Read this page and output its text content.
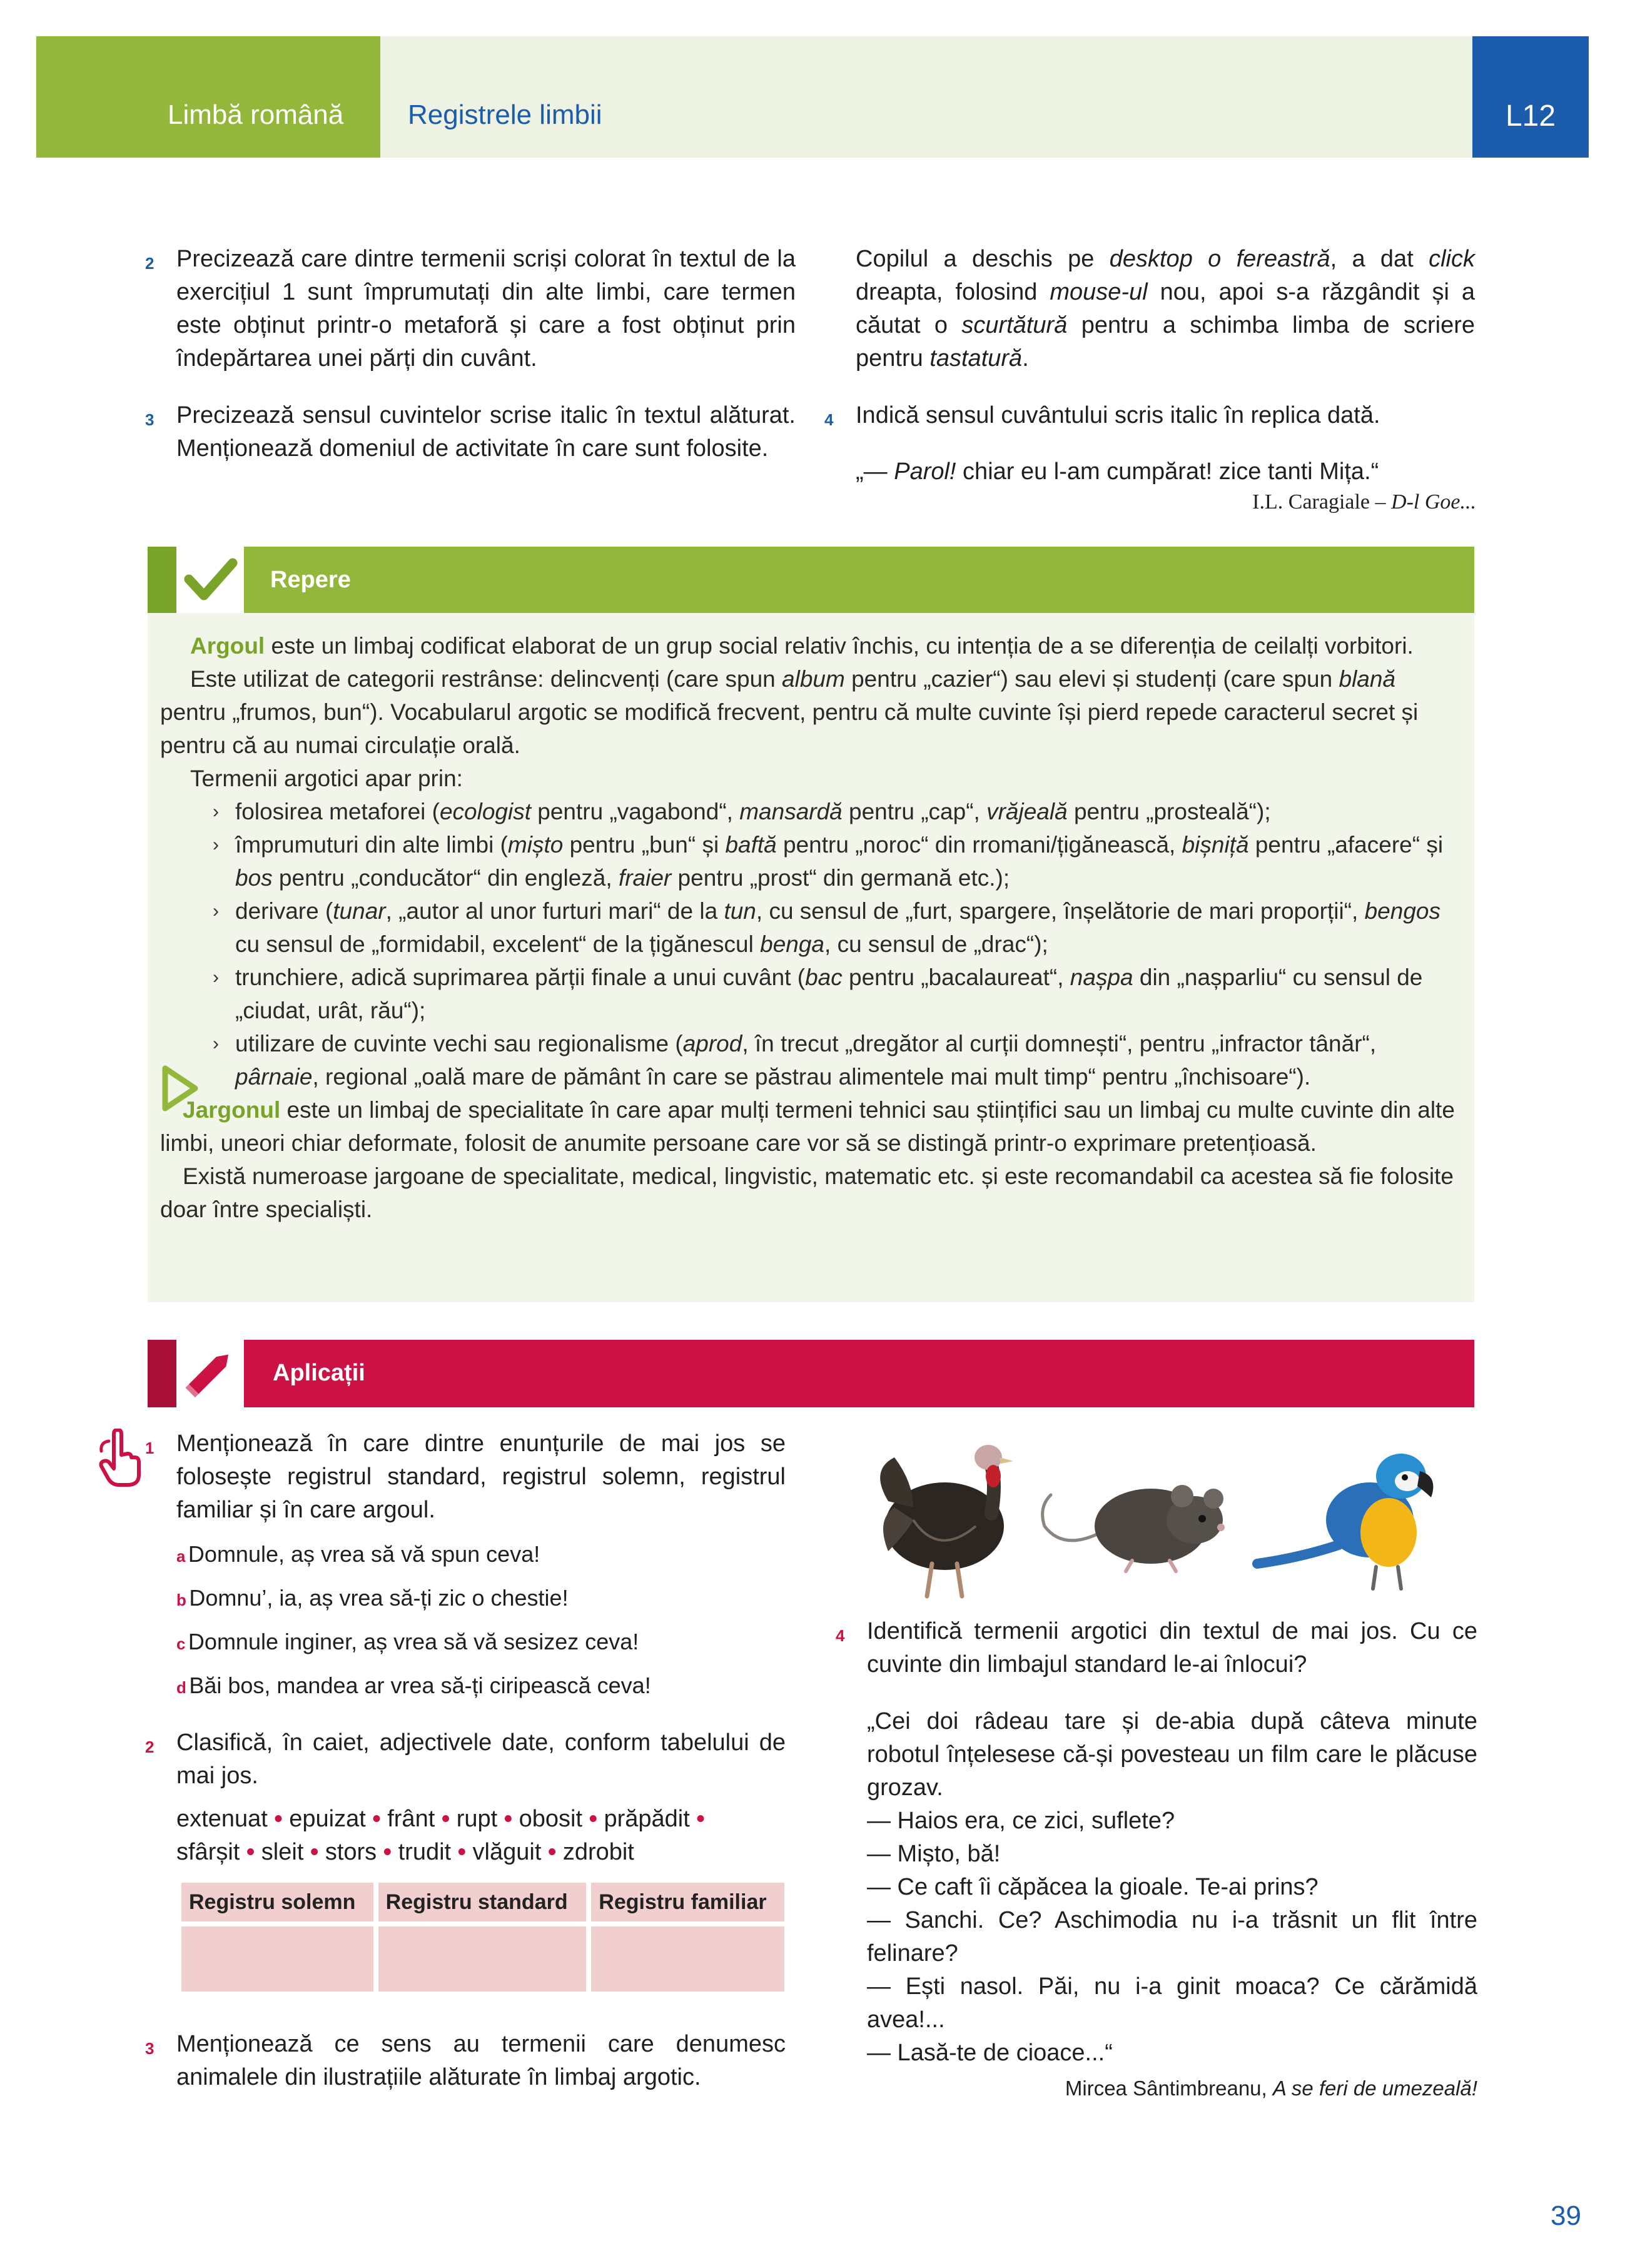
Limbă română Registrele limbii	L12
2 Precizează care dintre termenii scriși colorat în textul de la exercițiul 1 sunt împrumutați din alte limbi, care termen este obținut printr-o metaforă și care a fost obținut prin îndepărtarea unei părți din cuvânt.
3 Precizează sensul cuvintelor scrise italic în textul alăturat. Menționează domeniul de activitate în care sunt folosite.
Copilul a deschis pe desktop o fereastră, a dat click dreapta, folosind mouse-ul nou, apoi s-a răzgândit și a căutat o scurtătură pentru a schimba limba de scriere pentru tastatură.
4 Indică sensul cuvântului scris italic în replica dată.
„— Parol! chiar eu l-am cumpărat! zice tanti Mița.“
I.L. Caragiale – D-l Goe...
Repere
Argoul este un limbaj codificat elaborat de un grup social relativ închis, cu intenția de a se diferenția de ceilalți vorbitori.
Este utilizat de categorii restrânse: delincvenți (care spun album pentru „cazier“) sau elevi și studenți (care spun blană pentru „frumos, bun“). Vocabularul argotic se modifică frecvent, pentru că multe cuvinte își pierd repede caracterul secret și pentru că au numai circulație orală.
Termenii argotici apar prin:
› folosirea metaforei (ecologist pentru „vagabond“, mansardă pentru „cap“, vrăjeală pentru „prosteală“);
› împrumuturi din alte limbi (mișto pentru „bun“ și baftă pentru „noroc“ din rromani/țigănească, bișniță pentru „afacere“ și bos pentru „conducător“ din engleză, fraier pentru „prost“ din germană etc.);
› derivare (tunar, „autor al unor furturi mari“ de la tun, cu sensul de „furt, spargere, înșelătorie de mari proporții“, bengos cu sensul de „formidabil, excelent“ de la țigănescul benga, cu sensul de „drac“);
› trunchiere, adică suprimarea părții finale a unui cuvânt (bac pentru „bacalaureat“, nașpa din „nașparliu“ cu sensul de „ciudat, urât, rău“);
› utilizare de cuvinte vechi sau regionalisme (aprod, în trecut „dregător al curții domnești“, pentru „infractor tânăr“, pârnaie, regional „oală mare de pământ în care se păstrau alimentele mai mult timp“ pentru „închisoare“).
Jargonul este un limbaj de specialitate în care apar mulți termeni tehnici sau științifici sau un limbaj cu multe cuvinte din alte limbi, uneori chiar deformate, folosit de anumite persoane care vor să se distingă printr-o exprimare pretențioasă.
Există numeroase jargoane de specialitate, medical, lingvistic, matematic etc. și este recomandabil ca acestea să fie folosite doar între specialiști.
Aplicații
1 Menționează în care dintre enunțurile de mai jos se folosește registrul standard, registrul solemn, registrul familiar și în care argoul.
a Domnule, aș vrea să vă spun ceva!
b Domnu’, ia, aș vrea să-ți zic o chestie!
c Domnule inginer, aș vrea să vă sesizez ceva!
d Băi bos, mandea ar vrea să-ți ciripească ceva!
2 Clasifică, în caiet, adjectivele date, conform tabelului de mai jos.
extenuat • epuizat • frânt • rupt • obosit • prăpădit •
sfârșit • sleit • stors • trudit • vlăguit • zdrobit
Registru solemn	Registru standard	Registru familiar

3 Menționează ce sens au termenii care denumesc animalele din ilustrațiile alăturate în limbaj argotic.
4 Identifică termenii argotici din textul de mai jos. Cu ce cuvinte din limbajul standard le-ai înlocui?
„Cei doi râdeau tare și de-abia după câteva minute robotul înțelesese că-și povesteau un film care le plăcuse grozav.
— Haios era, ce zici, suflete?
— Mișto, bă!
— Ce caft îi căpăcea la gioale. Te-ai prins?
— Sanchi. Ce? Aschimodia nu i-a trăsnit un flit între felinare?
— Ești nasol. Păi, nu i-a ginit moaca? Ce cărămidă avea!...
— Lasă-te de cioace...“
Mircea Sântimbreanu, A se feri de umezeală!
39
